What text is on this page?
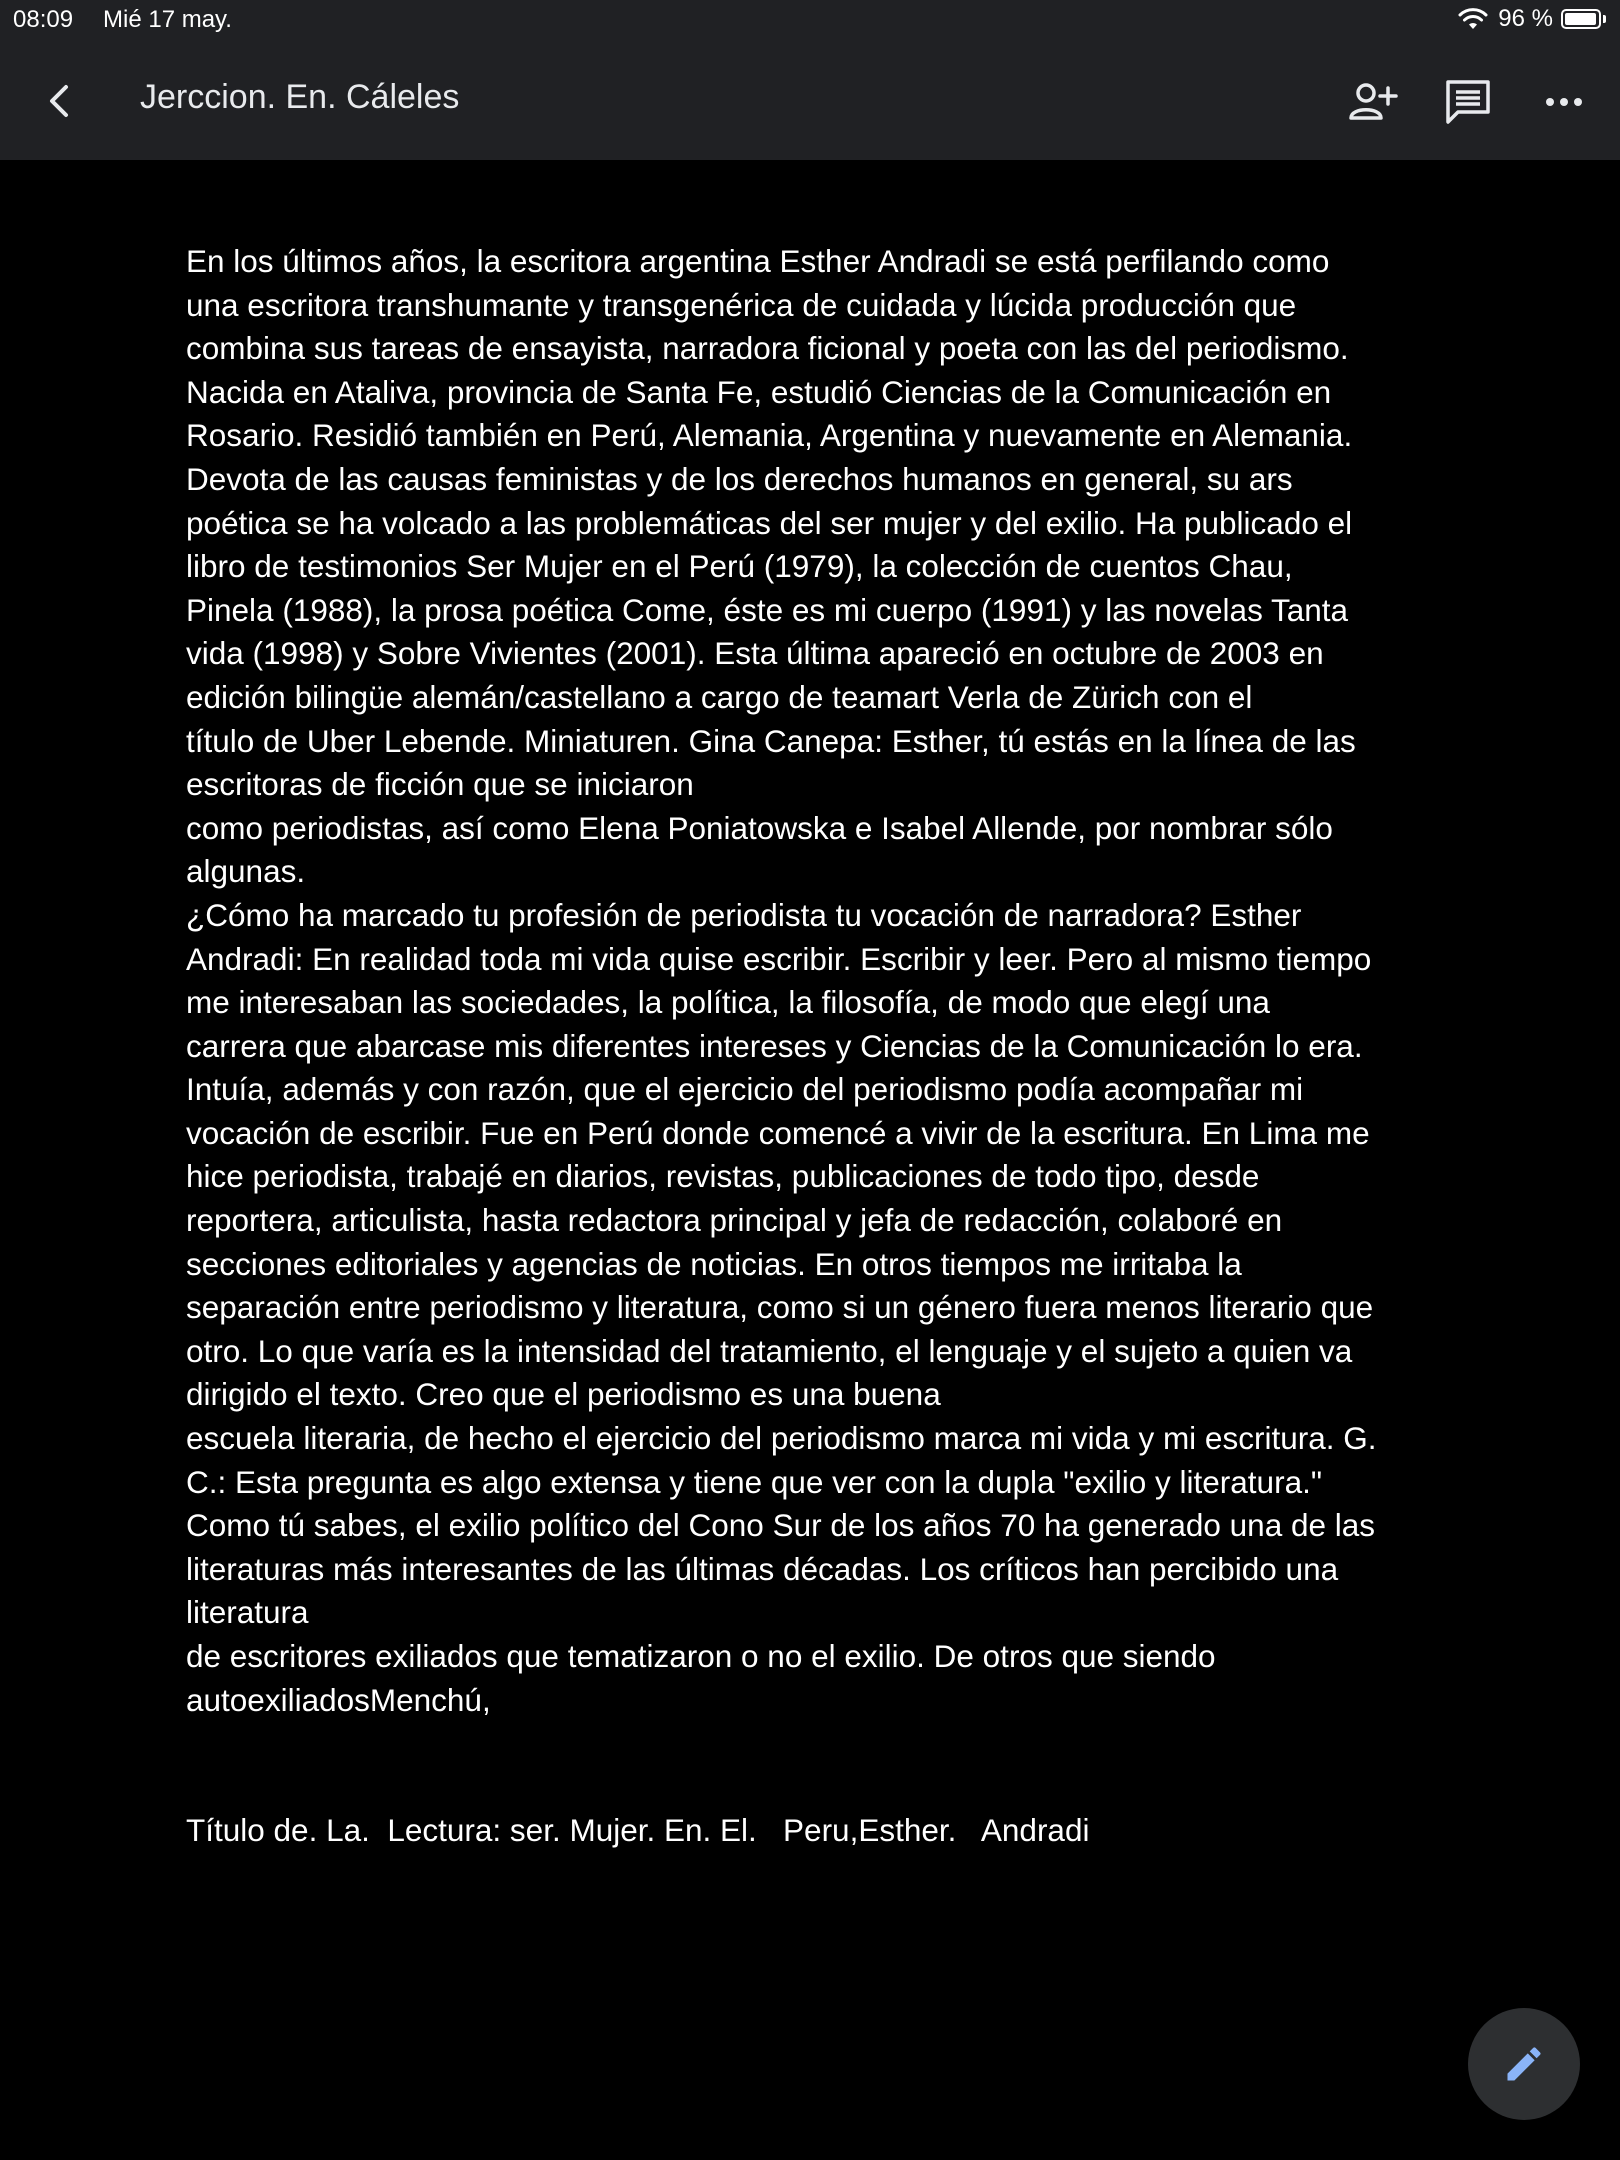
08:09 Mié 17 may.	96 %
Jerccion. En. Cáleles

En los últimos años, la escritora argentina Esther Andradi se está perfilando como
una escritora transhumante y transgenérica de cuidada y lúcida producción que
combina sus tareas de ensayista, narradora ficional y poeta con las del periodismo.
Nacida en Ataliva, provincia de Santa Fe, estudió Ciencias de la Comunicación en
Rosario. Residió también en Perú, Alemania, Argentina y nuevamente en Alemania.
Devota de las causas feministas y de los derechos humanos en general, su ars
poética se ha volcado a las problemáticas del ser mujer y del exilio. Ha publicado el
libro de testimonios Ser Mujer en el Perú (1979), la colección de cuentos Chau,
Pinela (1988), la prosa poética Come, éste es mi cuerpo (1991) y las novelas Tanta
vida (1998) y Sobre Vivientes (2001). Esta última apareció en octubre de 2003 en
edición bilingüe alemán/castellano a cargo de teamart Verla de Zürich con el
título de Uber Lebende. Miniaturen. Gina Canepa: Esther, tú estás en la línea de las
escritoras de ficción que se iniciaron

como periodistas, así como Elena Poniatowska e Isabel Allende, por nombrar sólo
algunas.

¿Cómo ha marcado tu profesión de periodista tu vocación de narradora? Esther
Andradi: En realidad toda mi vida quise escribir. Escribir y leer. Pero al mismo tiempo
me interesaban las sociedades, la política, la filosofía, de modo que elegí una
carrera que abarcase mis diferentes intereses y Ciencias de la Comunicación lo era.
Intuía, además y con razón, que el ejercicio del periodismo podía acompañar mi
vocación de escribir. Fue en Perú donde comencé a vivir de la escritura. En Lima me
hice periodista, trabajé en diarios, revistas, publicaciones de todo tipo, desde
reportera, articulista, hasta redactora principal y jefa de redacción, colaboré en
secciones editoriales y agencias de noticias. En otros tiempos me irritaba la
separación entre periodismo y literatura, como si un género fuera menos literario que
otro. Lo que varía es la intensidad del tratamiento, el lenguaje y el sujeto a quien va
dirigido el texto. Creo que el periodismo es una buena

escuela literaria, de hecho el ejercicio del periodismo marca mi vida y mi escritura. G.
C.: Esta pregunta es algo extensa y tiene que ver con la dupla "exilio y literatura."
Como tú sabes, el exilio político del Cono Sur de los años 70 ha generado una de las
literaturas más interesantes de las últimas décadas. Los críticos han percibido una
literatura

de escritores exiliados que tematizaron o no el exilio. De otros que siendo
autoexiliadosMenchú,

Título de. La.  Lectura: ser. Mujer. En. El.   Peru,Esther.   Andradi
